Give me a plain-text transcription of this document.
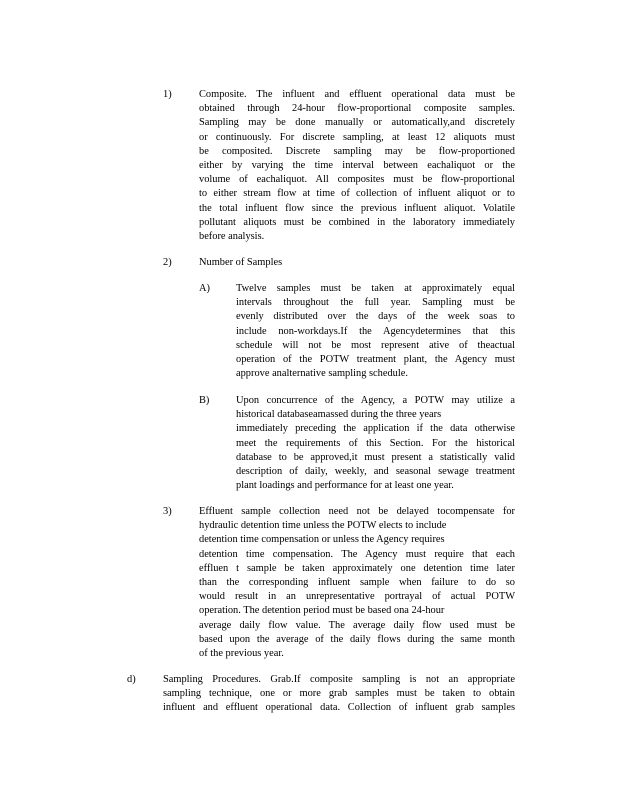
1)	Composite. The influent and effluent operational data must be
obtained through 24-hour flow-proportional composite samples.
Sampling may be done manually or automatically,and discretely
or continuously. For discrete sampling, at least 12 aliquots must
be composited. Discrete sampling may be flow-proportioned
either by varying the time interval between eachaliquot or the
volume of eachaliquot. All composites must be flow-proportional
to either stream flow at time of collection of influent aliquot or to
the total influent flow since the previous influent aliquot. Volatile
pollutant aliquots must be combined in the laboratory immediately
before analysis.
2)	Number of Samples
A)	Twelve samples must be taken at approximately equal
intervals throughout the full year. Sampling must be
evenly distributed over the days of the week soas to
include non-workdays.If the Agencydetermines that this
schedule will not be most represent ative of theactual
operation of the POTW treatment plant, the Agency must
approve analternative sampling schedule.
B)	Upon concurrence of the Agency, a POTW may utilize a
historical databaseamassed during the three years
immediately preceding the application if the data otherwise
meet the requirements of this Section. For the historical
database to be approved,it must present a statistically valid
description of daily, weekly, and seasonal sewage treatment
plant loadings and performance for at least one year.
3)	Effluent sample collection need not be delayed tocompensate for
hydraulic detention time unless the POTW elects to include
detention time compensation or unless the Agency requires
detention time compensation. The Agency must require that each
effluen t sample be taken approximately one detention time later
than the corresponding influent sample when failure to do so
would result in an unrepresentative portrayal of actual POTW
operation. The detention period must be based ona 24-hour
average daily flow value. The average daily flow used must be
based upon the average of the daily flows during the same month
of the previous year.
d)	Sampling Procedures. Grab.If composite sampling is not an appropriate
sampling technique, one or more grab samples must be taken to obtain
influent and effluent operational data. Collection of influent grab samples
